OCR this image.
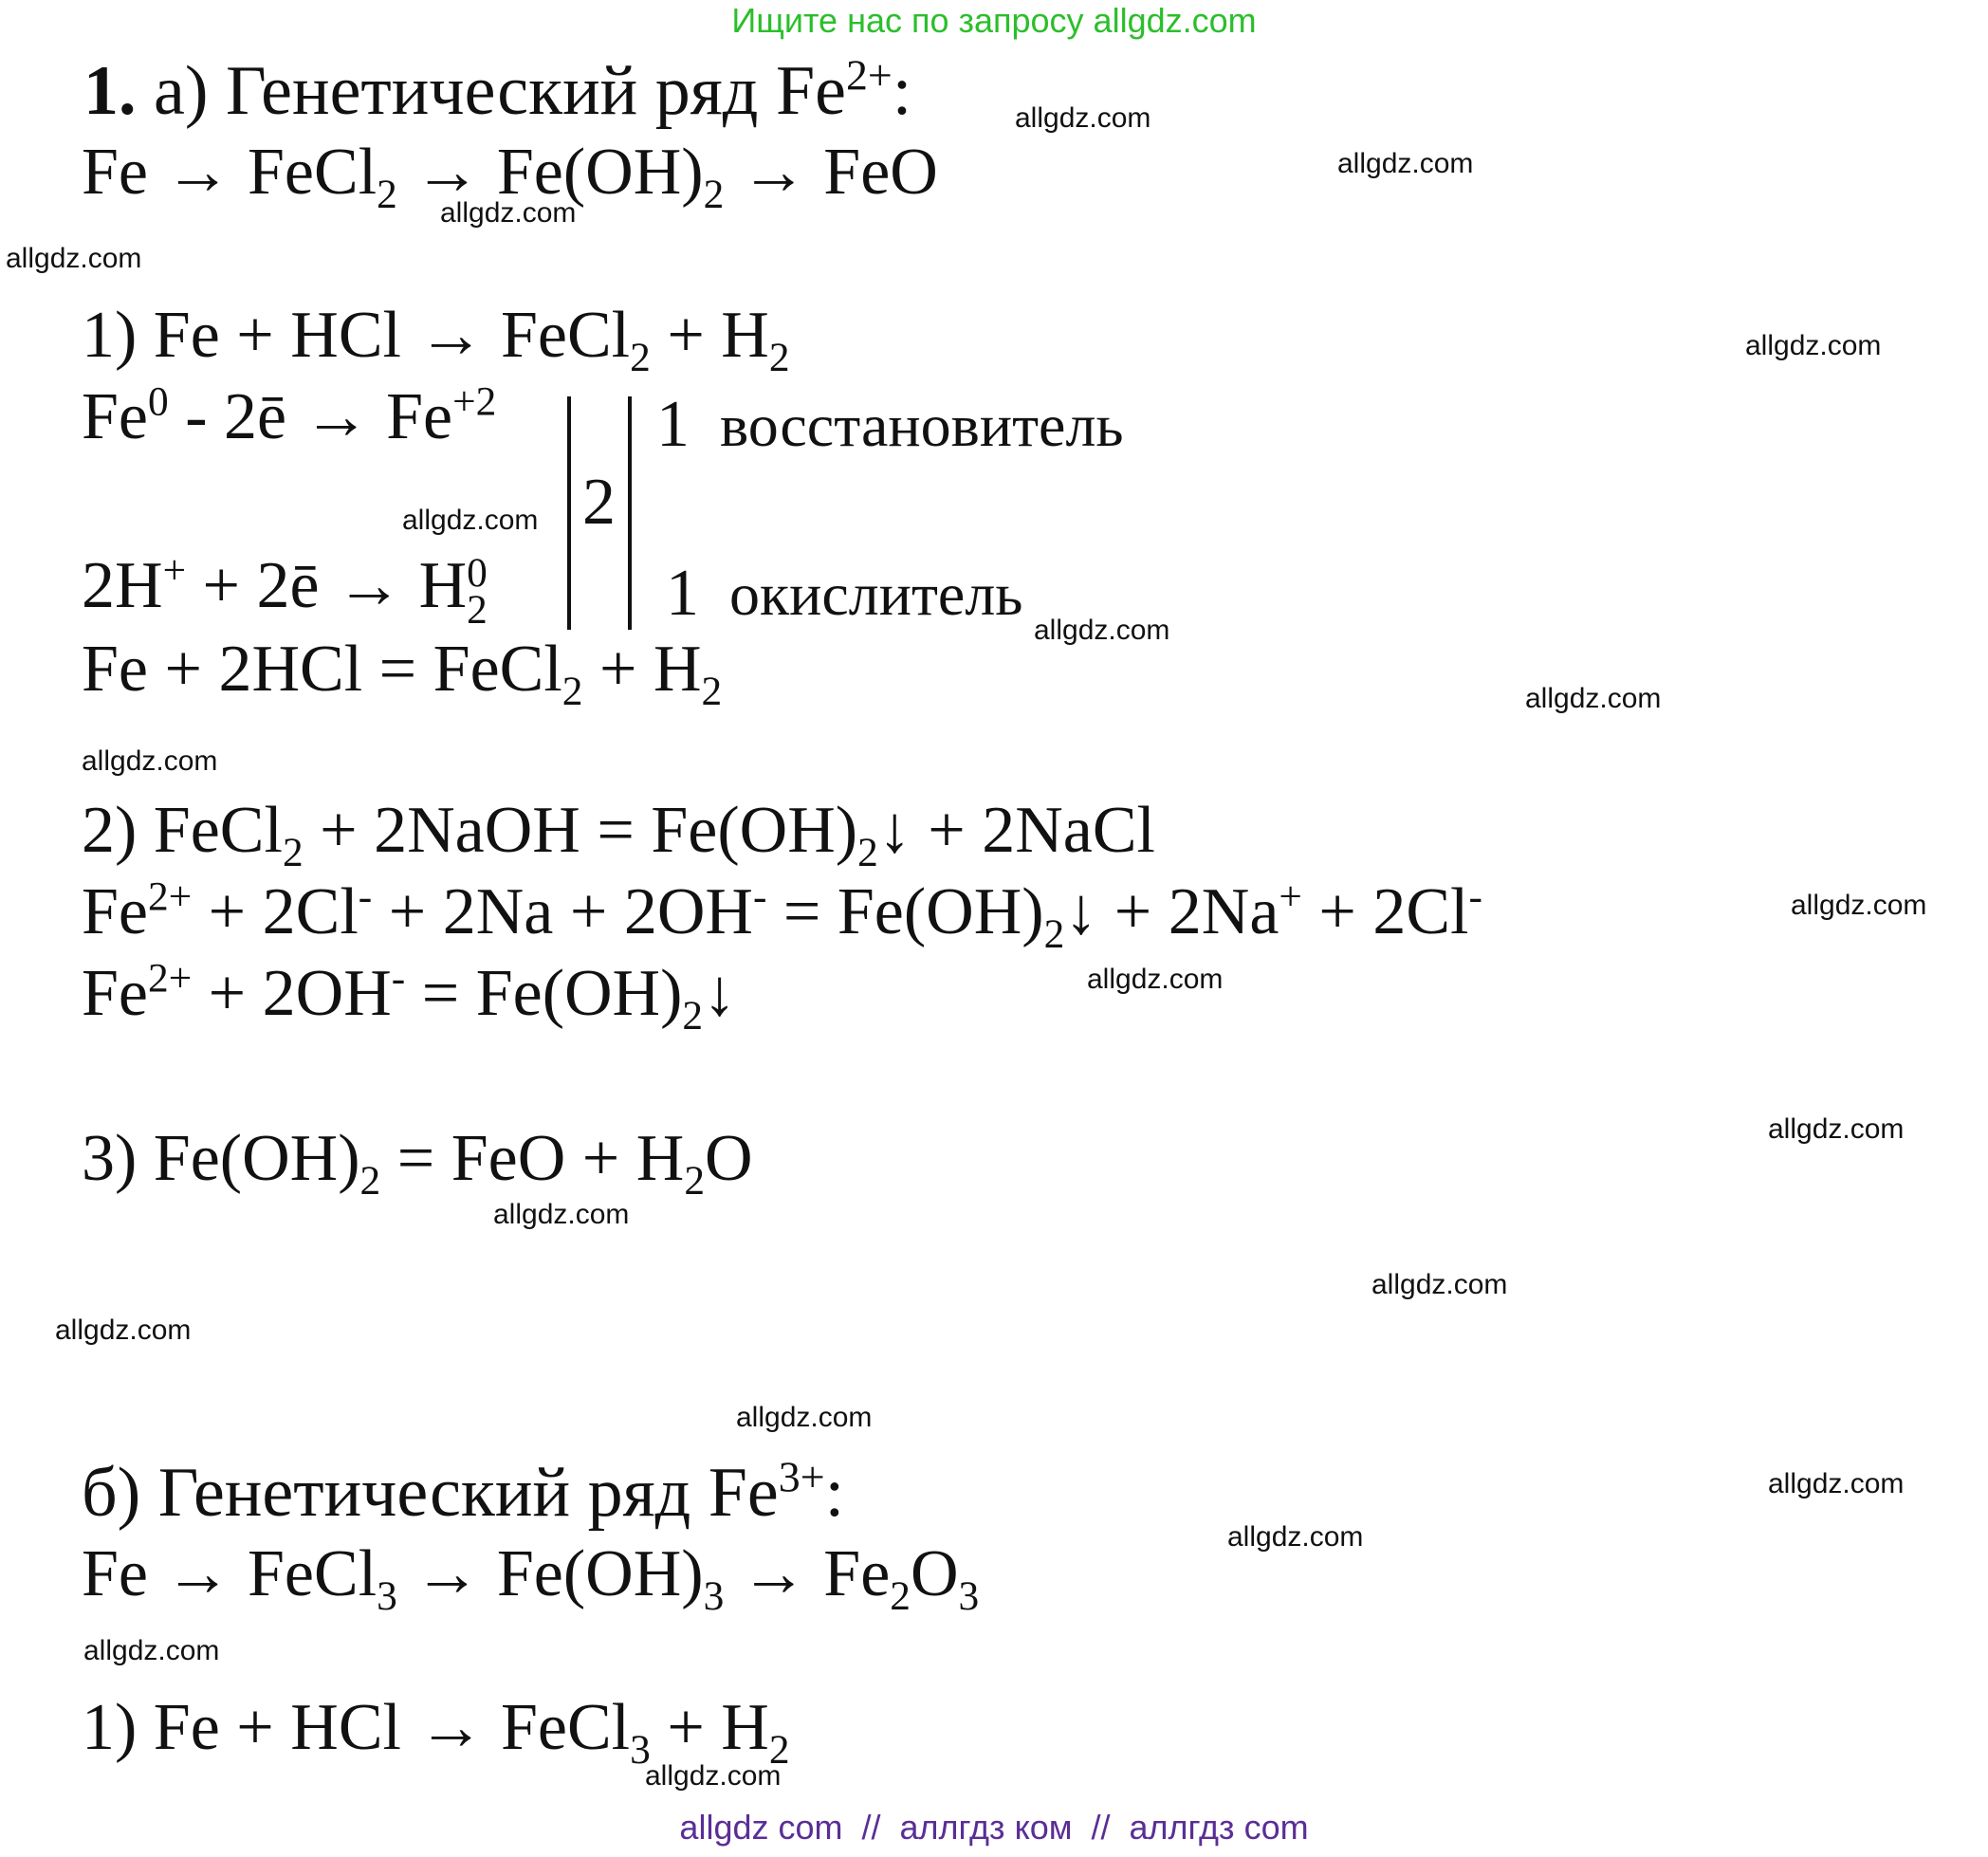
Ищите нас по запросу allgdz.com
1. а) Генетический ряд $Fe^{2+}$:
Fe → FeCl$_2$ → $Fe(OH)_2$ → FeO
1) Fe + HCl → FeCl$_2$ + $H_2$
Fe$^0$ - 2ē → $Fe^{+2}$
2H+ + 2ē → H 0
2
2
1 восстановитель
1 окислитель
Fe + 2HCl = FeCl$_2$ + $H_2$
2) FeCl$_2$ + 2NaOH = $Fe(OH)_2↓$ + 2NaCl
$Fe^{2+} + 2Cl^- + 2Na + 2OH^-$ = $Fe(OH)_2↓ + 2Na^+ + 2Cl^-$
$Fe^{2+} + 2OH^-$ = $Fe(OH)_2↓$
3) $Fe(OH)_2$ = FeO + $H_2O$
б) Генетический ряд $Fe^{3+}$:
Fe → FeCl$_3$ → $Fe(OH)_3 \to Fe_2O_3$
1) Fe + HCl → FeCl$_3$ + $H_2$
allgdz.com
allgdz.com
allgdz.com
allgdz.com
allgdz.com
allgdz.com
allgdz.com
allgdz.com
allgdz.com
allgdz.com
allgdz.com
allgdz.com
allgdz.com
allgdz.com
allgdz.com
allgdz.com
allgdz.com
allgdz.com
allgdz.com
allgdz.com
allgdz com  //  аллгдз ком  //  аллгдз com
